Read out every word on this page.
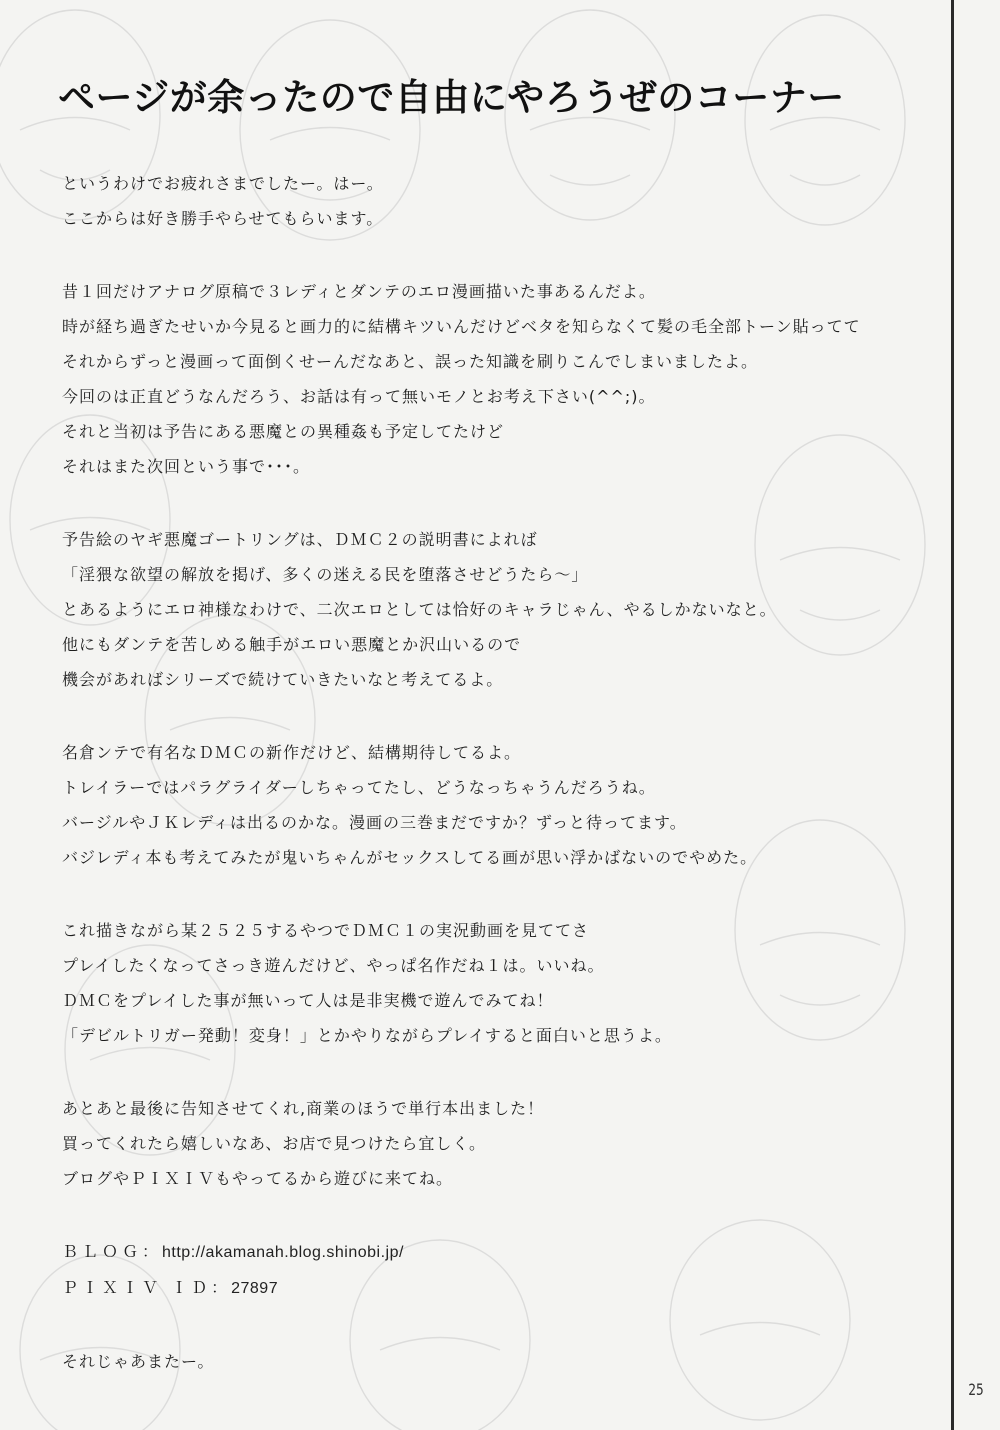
ページが余ったので自由にやろうぜのコーナー
というわけでお疲れさまでしたー。はー。
ここからは好き勝手やらせてもらいます。
昔１回だけアナログ原稿で３レディとダンテのエロ漫画描いた事あるんだよ。
時が経ち過ぎたせいか今見ると画力的に結構キツいんだけどベタを知らなくて髪の毛全部トーン貼ってて
それからずっと漫画って面倒くせーんだなあと、誤った知識を刷りこんでしまいましたよ。
今回のは正直どうなんだろう、お話は有って無いモノとお考え下さい(^^;)。
それと当初は予告にある悪魔との異種姦も予定してたけど
それはまた次回という事で･･･。
予告絵のヤギ悪魔ゴートリングは、ＤＭＣ２の説明書によれば
「淫猥な欲望の解放を掲げ、多くの迷える民を堕落させどうたら～」
とあるようにエロ神様なわけで、二次エロとしては恰好のキャラじゃん、やるしかないなと。
他にもダンテを苦しめる触手がエロい悪魔とか沢山いるので
機会があればシリーズで続けていきたいなと考えてるよ。
名倉ンテで有名なＤＭＣの新作だけど、結構期待してるよ。
トレイラーではパラグライダーしちゃってたし、どうなっちゃうんだろうね。
バージルやＪＫレディは出るのかな。漫画の三巻まだですか？ずっと待ってます。
バジレディ本も考えてみたが鬼いちゃんがセックスしてる画が思い浮かばないのでやめた。
これ描きながら某２５２５するやつでＤＭＣ１の実況動画を見ててさ
プレイしたくなってさっき遊んだけど、やっぱ名作だね１は。いいね。
ＤＭＣをプレイした事が無いって人は是非実機で遊んでみてね！
「デビルトリガー発動！変身！」とかやりながらプレイすると面白いと思うよ。
あとあと最後に告知させてくれ,商業のほうで単行本出ました！
買ってくれたら嬉しいなあ、お店で見つけたら宜しく。
ブログやＰＩＸＩＶもやってるから遊びに来てね。
ＢＬＯＧ：http://akamanah.blog.shinobi.jp/
ＰＩＸＩＶ ＩＤ：27897
それじゃあまたー。
25
